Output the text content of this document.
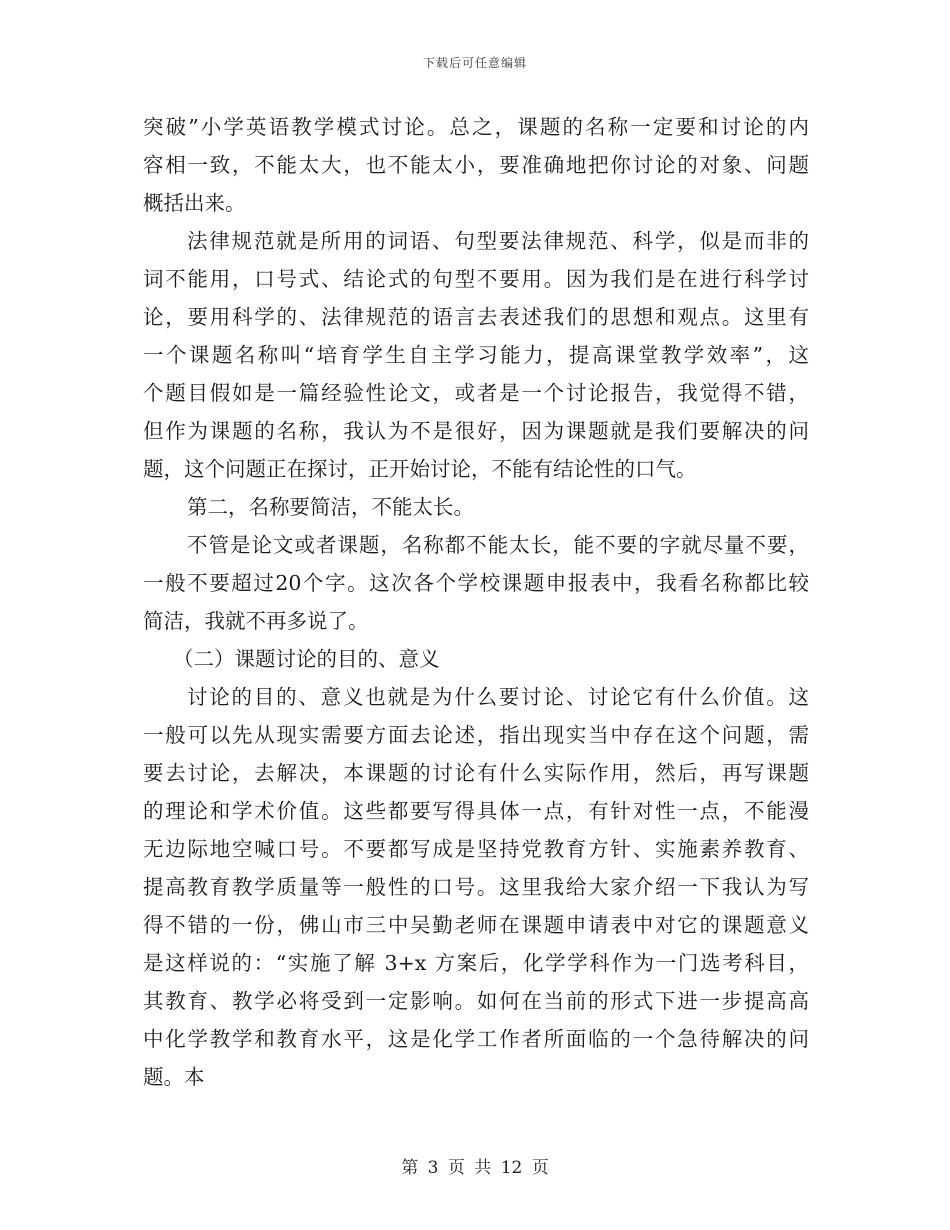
下载后可任意编辑
突破”小学英语教学模式讨论。总之，课题的名称一定要和讨论的内
容相一致，不能太大，也不能太小，要准确地把你讨论的对象、问题
概括出来。
法律规范就是所用的词语、句型要法律规范、科学，似是而非的
词不能用，口号式、结论式的句型不要用。因为我们是在进行科学讨
论，要用科学的、法律规范的语言去表述我们的思想和观点。这里有
一个课题名称叫“培育学生自主学习能力，提高课堂教学效率”，这
个题目假如是一篇经验性论文，或者是一个讨论报告，我觉得不错，
但作为课题的名称，我认为不是很好，因为课题就是我们要解决的问
题，这个问题正在探讨，正开始讨论，不能有结论性的口气。
第二，名称要简洁，不能太长。
不管是论文或者课题，名称都不能太长，能不要的字就尽量不要，
一般不要超过20个字。这次各个学校课题申报表中，我看名称都比较
简洁，我就不再多说了。
（二）课题讨论的目的、意义
讨论的目的、意义也就是为什么要讨论、讨论它有什么价值。这
一般可以先从现实需要方面去论述，指出现实当中存在这个问题，需
要去讨论，去解决，本课题的讨论有什么实际作用，然后，再写课题
的理论和学术价值。这些都要写得具体一点，有针对性一点，不能漫
无边际地空喊口号。不要都写成是坚持党教育方针、实施素养教育、
提高教育教学质量等一般性的口号。这里我给大家介绍一下我认为写
得不错的一份，佛山市三中吴勤老师在课题申请表中对它的课题意义
是这样说的：“实施了解 3+x 方案后，化学学科作为一门选考科目，
其教育、教学必将受到一定影响。如何在当前的形式下进一步提高高
中化学教学和教育水平，这是化学工作者所面临的一个急待解决的问
题。本
第 3 页 共 12 页
